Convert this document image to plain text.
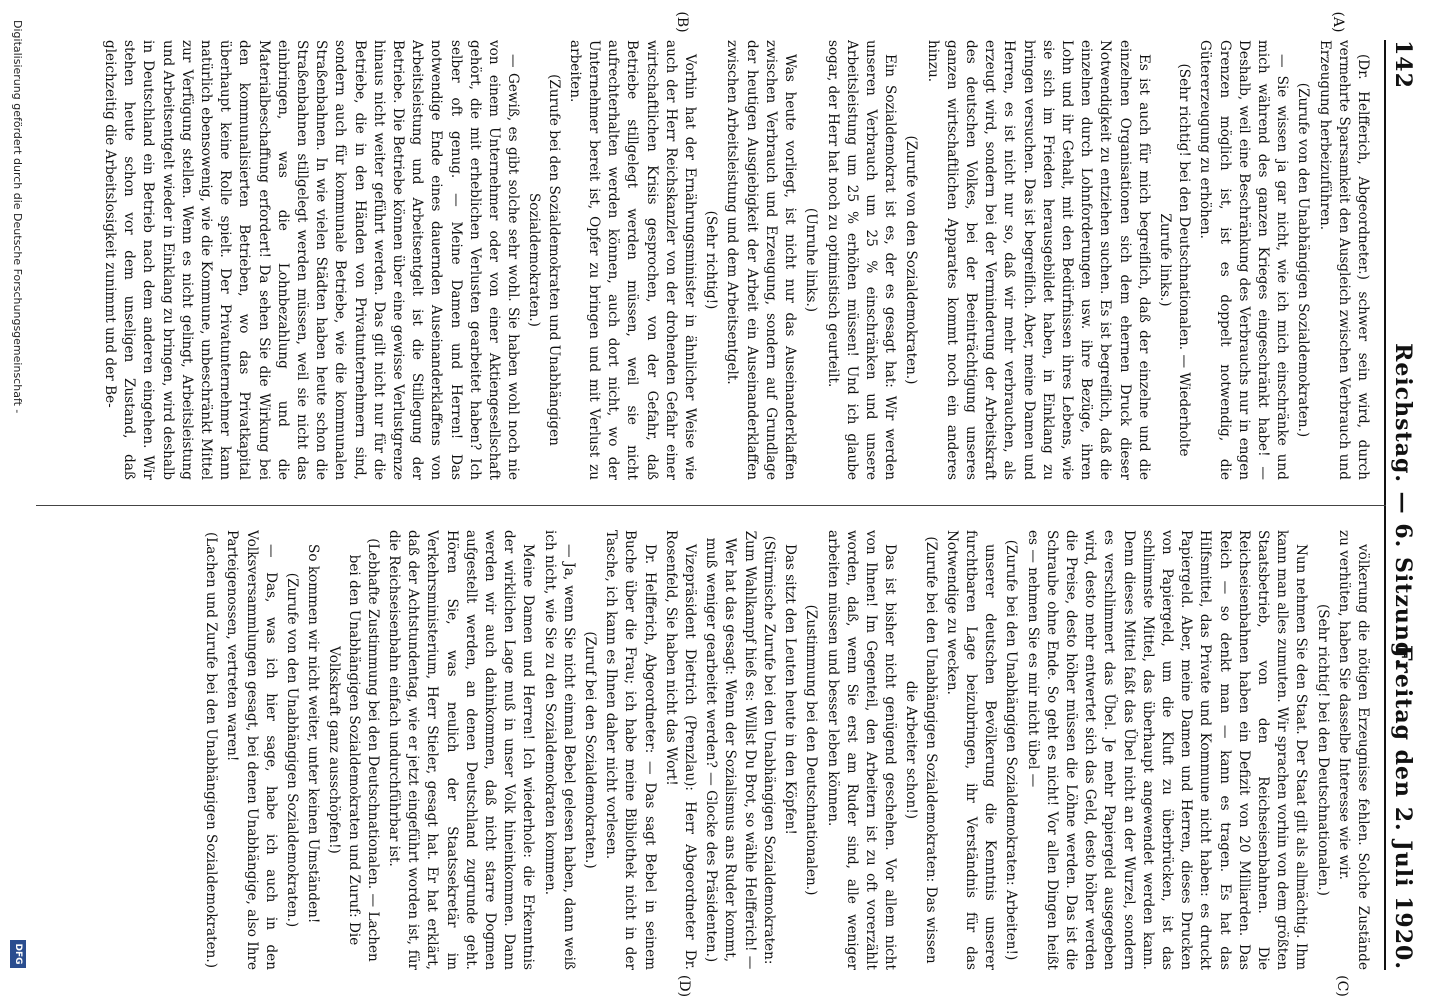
142
Reichstag. — 6. Sitzung.
Freitag den 2. Juli 1920.
(A)
(B)
(C)
(D)

(Dr. Helfferich, Abgeordneter.) schwer sein wird, durch vermehrte Sparsamkeit den Ausgleich zwischen Verbrauch und Erzeugung herbeizuführen.

(Zurufe von den Unabhängigen Sozialdemokraten.)

— Sie wissen ja gar nicht, wie ich mich einschränke und mich während des ganzen Krieges eingeschränkt habe! — Deshalb, weil eine Beschränkung des Verbrauchs nur in engen Grenzen möglich ist, ist es doppelt notwendig, die Gütererzeugung zu erhöhen.

(Sehr richtig! bei den Deutschnationalen. — Wiederholte Zurufe links.)

Es ist auch für mich begreiflich, daß der einzelne und die einzelnen Organisationen sich dem ehernen Druck dieser Notwendigkeit zu entziehen suchen. Es ist begreiflich, daß die einzelnen durch Lohnforderungen usw. ihre Bezüge, ihren Lohn und ihr Gehalt, mit den Bedürfnissen ihres Lebens, wie sie sich im Frieden herausgebildet haben, in Einklang zu bringen versuchen. Das ist begreiflich. Aber, meine Damen und Herren, es ist nicht nur so, daß wir mehr verbrauchen, als erzeugt wird, sondern bei der Verminderung der Arbeitskraft des deutschen Volkes, bei der Beeinträchtigung unseres ganzen wirtschaftlichen Apparates kommt noch ein anderes hinzu.

(Zurufe von den Sozialdemokraten.)

Ein Sozialdemokrat ist es, der es gesagt hat: Wir werden unseren Verbrauch um 25 % einschränken und unsere Arbeitsleistung um 25 % erhöhen müssen! Und ich glaube sogar, der Herr hat noch zu optimistisch geurteilt.

(Unruhe links.)

Was heute vorliegt, ist nicht nur das Auseinanderklaffen zwischen Verbrauch und Erzeugung, sondern auf Grundlage der heutigen Ausgiebigkeit der Arbeit ein Auseinanderklaffen zwischen Arbeitsleistung und dem Arbeitsentgelt.

(Sehr richtig!)

Vorhin hat der Ernährungsminister in ähnlicher Weise wie auch der Herr Reichskanzler von der drohenden Gefahr einer wirtschaftlichen Krisis gesprochen, von der Gefahr, daß Betriebe stillgelegt werden müssen, weil sie nicht aufrechterhalten werden können, auch dort nicht, wo der Unternehmer bereit ist, Opfer zu bringen und mit Verlust zu arbeiten.

(Zurufe bei den Sozialdemokraten und Unabhängigen Sozialdemokraten.)

— Gewiß, es gibt solche sehr wohl. Sie haben wohl noch nie von einem Unternehmer oder von einer Aktiengesellschaft gehört, die mit erheblichen Verlusten gearbeitet haben? Ich selber oft genug. — Meine Damen und Herren! Das notwendige Ende eines dauernden Auseinanderklaffens von Arbeitsleistung und Arbeitsentgelt ist die Stillegung der Betriebe. Die Betriebe können über eine gewisse Verlustgrenze hinaus nicht weiter geführt werden. Das gilt nicht nur für die Betriebe, die in den Händen von Privatunternehmern sind, sondern auch für kommunale Betriebe, wie die kommunalen Straßenbahnen. In wie vielen Städten haben heute schon die Straßenbahnen stillgelegt werden müssen, weil sie nicht das einbringen, was die Lohnbezahlung und die Materialbeschaffung erfordert! Da sehen Sie die Wirkung bei den kommunalisierten Betrieben, wo das Privatkapital überhaupt keine Rolle spielt. Der Privatunternehmer kann natürlich ebensowenig, wie die Kommune, unbeschränkt Mittel zur Verfügung stellen. Wenn es nicht gelingt, Arbeitsleistung und Arbeitsentgelt wieder in Einklang zu bringen, wird deshalb in Deutschland ein Betrieb nach dem anderen eingehen. Wir stehen heute schon vor dem unseligen Zustand, daß gleichzeitig die Arbeitslosigkeit zunimmt und der Be-

völkerung die nötigen Erzeugnisse fehlen. Solche Zustände zu verhüten, haben Sie dasselbe Interesse wie wir.

(Sehr richtig! bei den Deutschnationalen.)

Nun nehmen Sie den Staat. Der Staat gilt als allmächtig. Ihm kann man alles zumuten. Wir sprachen vorhin von dem größten Staatsbetrieb, von den Reichseisenbahnen. Die Reichseisenbahnen haben ein Defizit von 20 Milliarden. Das Reich — so denkt man — kann es tragen. Es hat das Hilfsmittel, das Private und Kommune nicht haben: es druckt Papiergeld. Aber, meine Damen und Herren, dieses Drucken von Papiergeld, um die Kluft zu überbrücken, ist das schlimmste Mittel, das überhaupt angewendet werden kann. Denn dieses Mittel faßt das Übel nicht an der Wurzel, sondern es verschlimmert das Übel. Je mehr Papiergeld ausgegeben wird, desto mehr entwertet sich das Geld, desto höher werden die Preise, desto höher müssen die Löhne werden. Das ist die Schraube ohne Ende. So geht es nicht! Vor allen Dingen heißt es — nehmen Sie es mir nicht übel —

(Zurufe bei den Unabhängigen Sozialdemokraten: Arbeiten!)

unserer deutschen Bevölkerung die Kenntnis unserer furchtbaren Lage beizubringen, ihr Verständnis für das Notwendige zu wecken.

(Zurufe bei den Unabhängigen Sozialdemokraten: Das wissen die Arbeiter schon!)

Das ist bisher nicht genügend geschehen. Vor allem nicht von Ihnen! Im Gegenteil, den Arbeitern ist zu oft vorerzählt worden, daß, wenn Sie erst am Ruder sind, alle weniger arbeiten müssen und besser leben können.

(Zustimmung bei den Deutschnationalen.)

Das sitzt den Leuten heute in den Köpfen!

(Stürmische Zurufe bei den Unabhängigen Sozialdemokraten: Zum Wahlkampf hieß es: Willst Du Brot, so wähle Helfferich! — Wer hat das gesagt: Wenn der Sozialismus ans Ruder kommt, muß weniger gearbeitet werden? — Glocke des Präsidenten.)

Vizepräsident Dietrich (Prenzlau): Herr Abgeordneter Dr. Rosenfeld, Sie haben nicht das Wort!

Dr. Helfferich, Abgeordneter: — Das sagt Bebel in seinem Buche über die Frau; ich habe meine Bibliothek nicht in der Tasche, ich kann es Ihnen daher nicht vorlesen.

(Zuruf bei den Sozialdemokraten.)

— Ja, wenn Sie nicht einmal Bebel gelesen haben, dann weiß ich nicht, wie Sie zu den Sozialdemokraten kommen.

Meine Damen und Herren! Ich wiederhole: die Erkenntnis der wirklichen Lage muß in unser Volk hineinkommen. Dann werden wir auch dahinkommen, daß nicht starre Dogmen aufgestellt werden, an denen Deutschland zugrunde geht. Hören Sie, was neulich der Staatssekretär im Verkehrsministerium, Herr Stieler, gesagt hat. Er hat erklärt, daß der Achtstundentag, wie er jetzt eingeführt worden ist, für die Reichseisenbahn einfach undurchführbar ist.

(Lebhafte Zustimmung bei den Deutschnationalen. — Lachen bei den Unabhängigen Sozialdemokraten und Zuruf: Die Volkskraft ganz ausschöpfen!)

So kommen wir nicht weiter, unter keinen Umständen!

(Zurufe von den Unabhängigen Sozialdemokraten.)

— Das, was ich hier sage, habe ich auch in den Volksversammlungen gesagt, bei denen Unabhängige, also Ihre Parteigenossen, vertreten waren!

(Lachen und Zurufe bei den Unabhängigen Sozialdemokraten.)

Digitalisierung gefördert durch die Deutsche Forschungsgemeinschaft -
DFG
